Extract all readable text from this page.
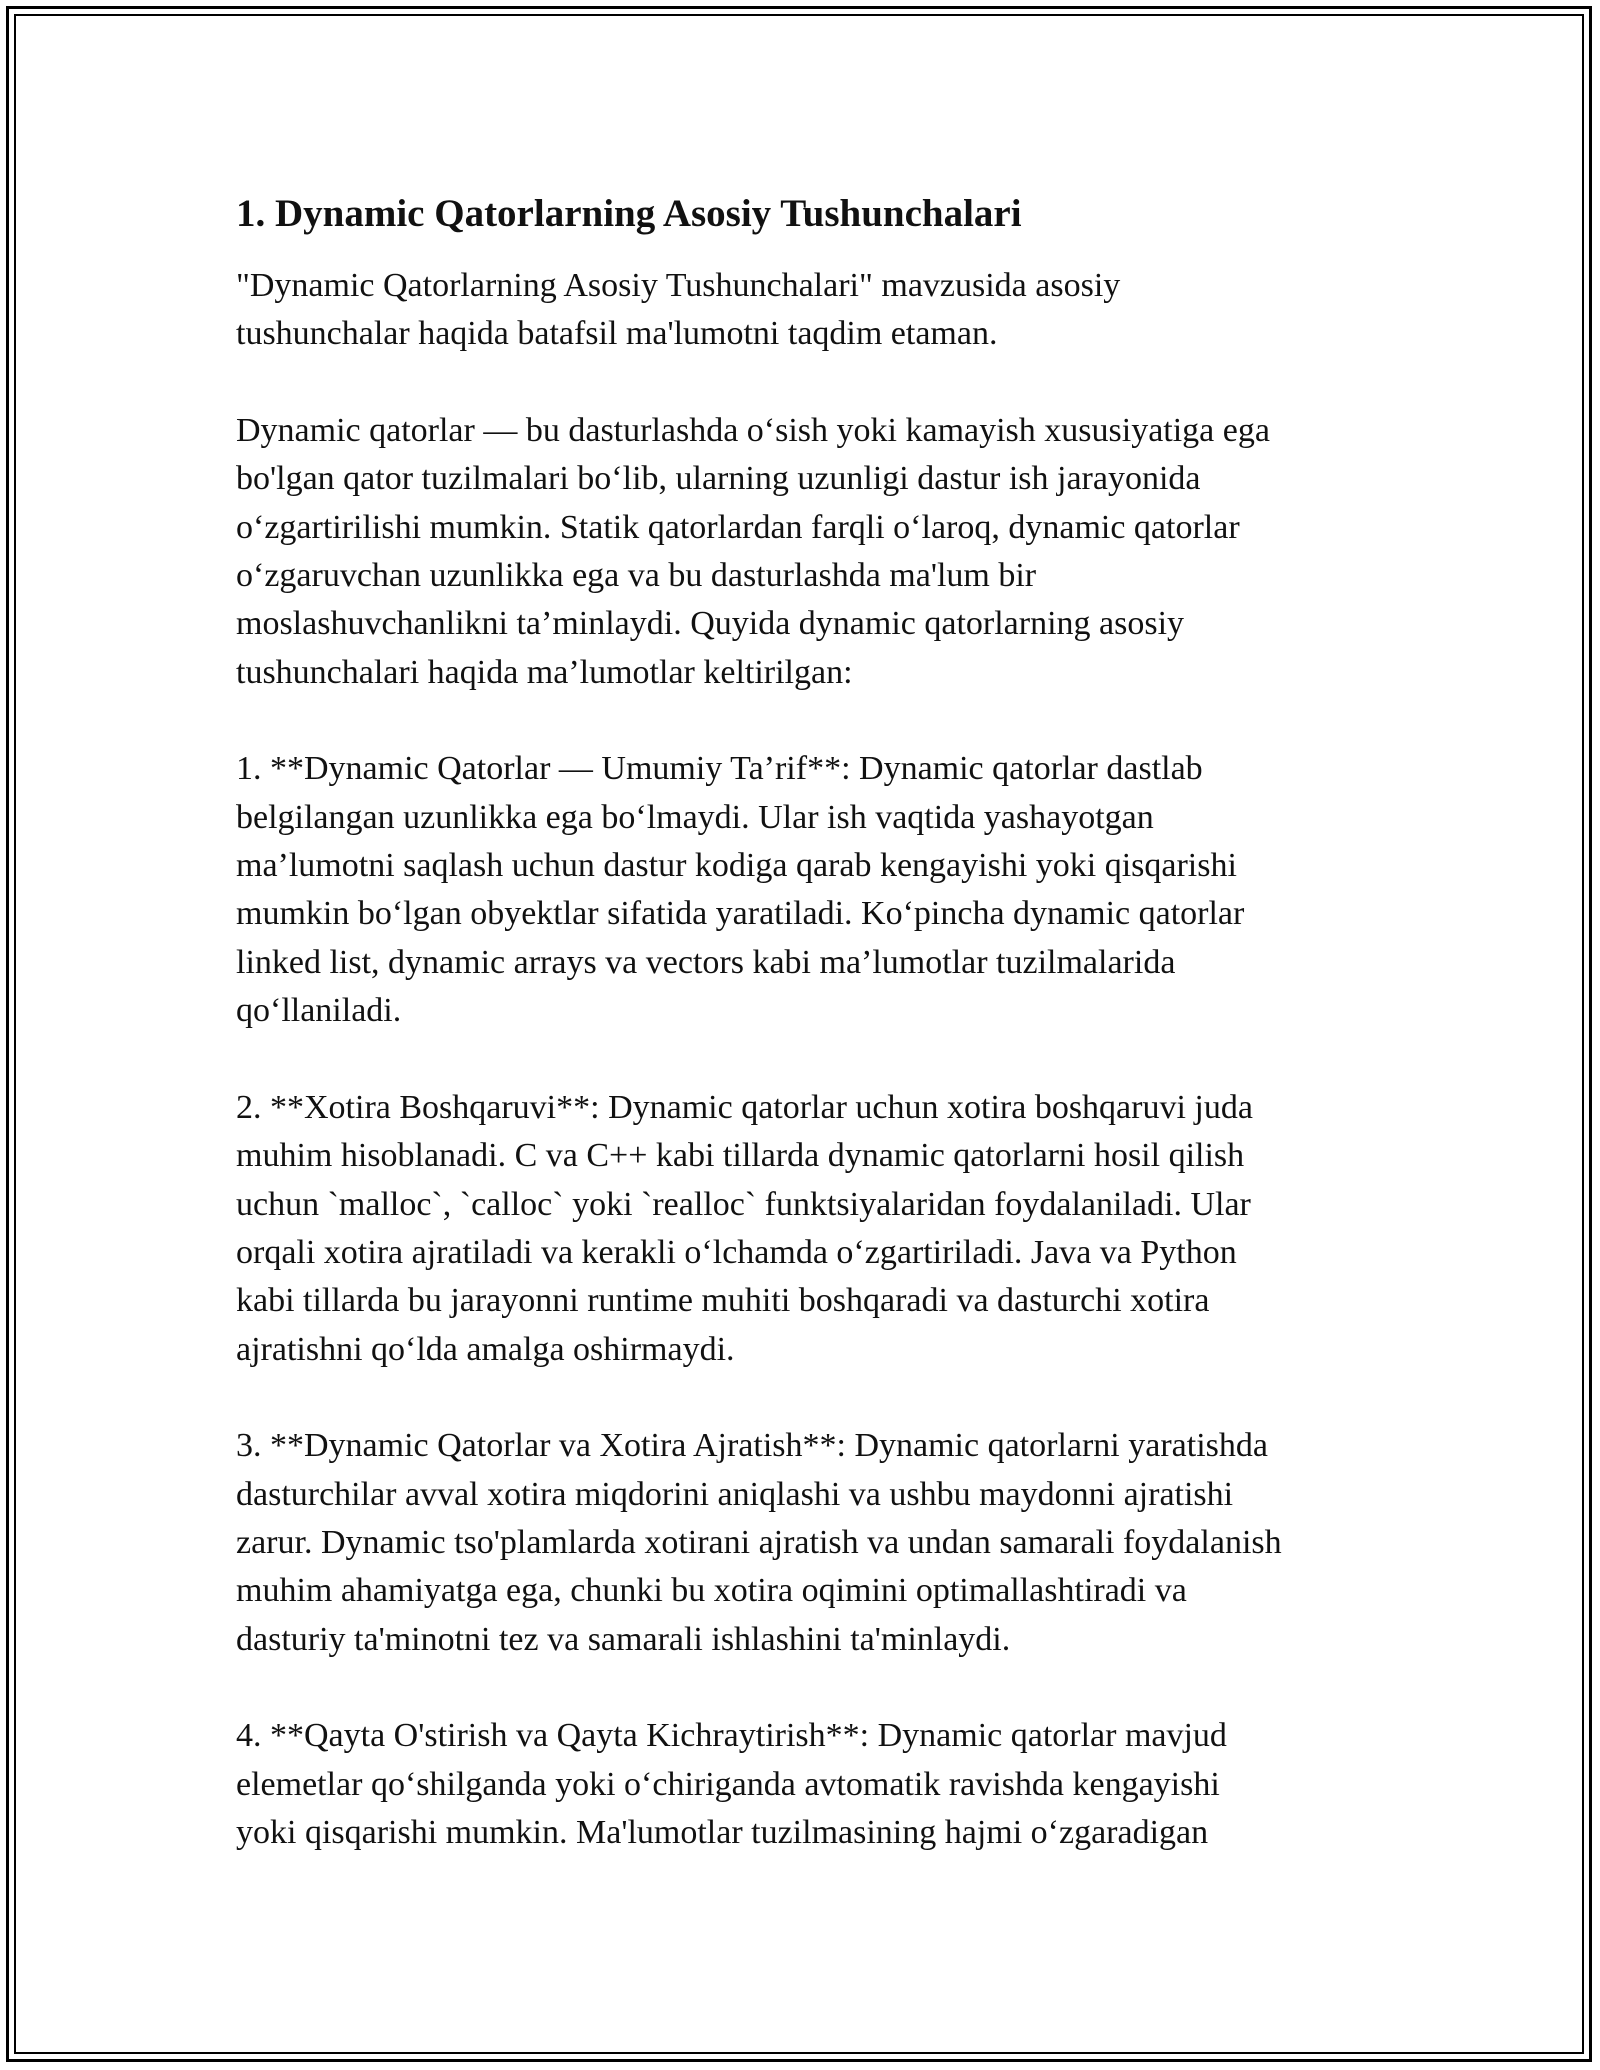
1. Dynamic Qatorlarning Asosiy Tushunchalari
"Dynamic Qatorlarning Asosiy Tushunchalari" mavzusida asosiy
tushunchalar haqida batafsil ma'lumotni taqdim etaman.
Dynamic qatorlar — bu dasturlashda o‘sish yoki kamayish xususiyatiga ega
bo'lgan qator tuzilmalari bo‘lib, ularning uzunligi dastur ish jarayonida
o‘zgartirilishi mumkin. Statik qatorlardan farqli o‘laroq, dynamic qatorlar
o‘zgaruvchan uzunlikka ega va bu dasturlashda ma'lum bir
moslashuvchanlikni ta’minlaydi. Quyida dynamic qatorlarning asosiy
tushunchalari haqida ma’lumotlar keltirilgan:
1. **Dynamic Qatorlar — Umumiy Ta’rif**: Dynamic qatorlar dastlab
belgilangan uzunlikka ega bo‘lmaydi. Ular ish vaqtida yashayotgan
ma’lumotni saqlash uchun dastur kodiga qarab kengayishi yoki qisqarishi
mumkin bo‘lgan obyektlar sifatida yaratiladi. Ko‘pincha dynamic qatorlar
linked list, dynamic arrays va vectors kabi ma’lumotlar tuzilmalarida
qo‘llaniladi.
2. **Xotira Boshqaruvi**: Dynamic qatorlar uchun xotira boshqaruvi juda
muhim hisoblanadi. C va C++ kabi tillarda dynamic qatorlarni hosil qilish
uchun `malloc`, `calloc` yoki `realloc` funktsiyalaridan foydalaniladi. Ular
orqali xotira ajratiladi va kerakli o‘lchamda o‘zgartiriladi. Java va Python
kabi tillarda bu jarayonni runtime muhiti boshqaradi va dasturchi xotira
ajratishni qo‘lda amalga oshirmaydi.
3. **Dynamic Qatorlar va Xotira Ajratish**: Dynamic qatorlarni yaratishda
dasturchilar avval xotira miqdorini aniqlashi va ushbu maydonni ajratishi
zarur. Dynamic tso'plamlarda xotirani ajratish va undan samarali foydalanish
muhim ahamiyatga ega, chunki bu xotira oqimini optimallashtiradi va
dasturiy ta'minotni tez va samarali ishlashini ta'minlaydi.
4. **Qayta O'stirish va Qayta Kichraytirish**: Dynamic qatorlar mavjud
elemetlar qo‘shilganda yoki o‘chiriganda avtomatik ravishda kengayishi
yoki qisqarishi mumkin. Ma'lumotlar tuzilmasining hajmi o‘zgaradigan
